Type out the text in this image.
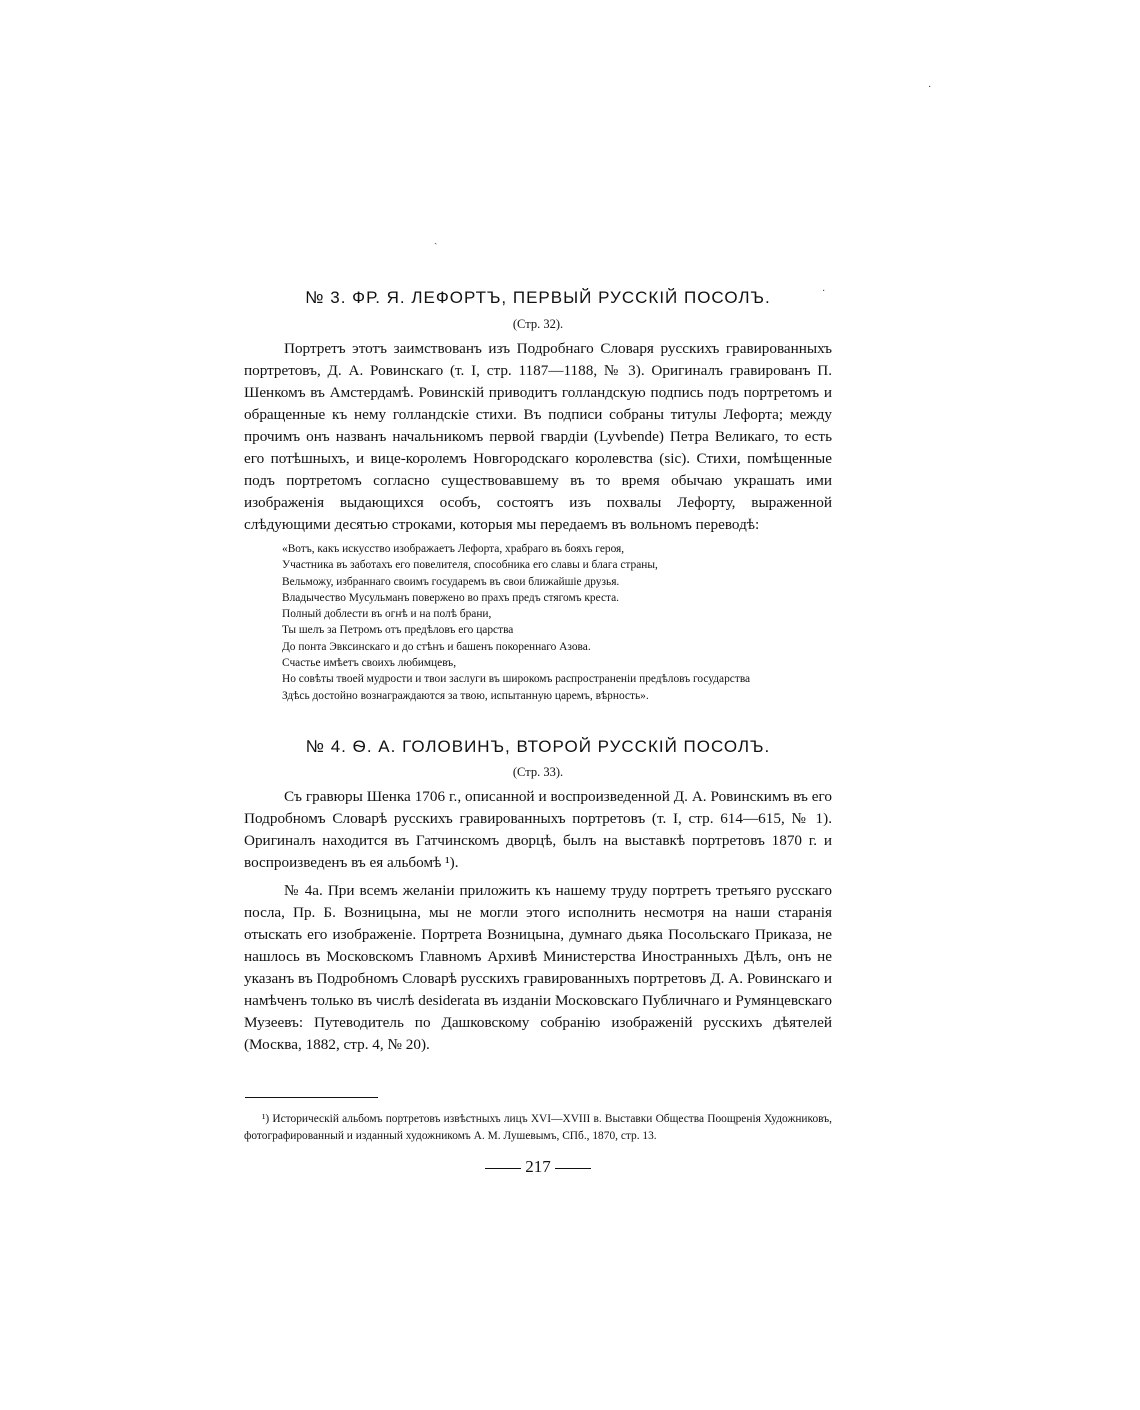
№ 3. ФР. Я. ЛЕФОРТЪ, ПЕРВЫЙ РУССКІЙ ПОСОЛЪ.
(Стр. 32).

Портретъ этотъ заимствованъ изъ Подробнаго Словаря русскихъ гравированныхъ портретовъ, Д. А. Ровинскаго (т. I, стр. 1187—1188, № 3). Оригиналъ гравированъ П. Шенкомъ въ Амстердамѣ. Ровинскій приводитъ голландскую подпись подъ портретомъ и обращенные къ нему голландскіе стихи. Въ подписи собраны титулы Лефорта; между прочимъ онъ названъ начальникомъ первой гвардіи (Lyvbende) Петра Великаго, то есть его потѣшныхъ, и вице-королемъ Новгородскаго королевства (sic). Стихи, помѣщенные подъ портретомъ согласно существовавшему въ то время обычаю украшать ими изображенія выдающихся особъ, состоятъ изъ похвалы Лефорту, выраженной слѣдующими десятью строками, которыя мы передаемъ въ вольномъ переводѣ:

«Вотъ, какъ искусство изображаетъ Лефорта, храбраго въ бояхъ героя,
Участника въ заботахъ его повелителя, способника его славы и блага страны,
Вельможу, избраннаго своимъ государемъ въ свои ближайшіе друзья.
Владычество Мусульманъ повержено во прахъ предъ стягомъ креста.
Полный доблести въ огнѣ и на полѣ брани,
Ты шелъ за Петромъ отъ предѣловъ его царства
До понта Эвксинскаго и до стѣнъ и башенъ покореннаго Азова.
Счастье имѣетъ своихъ любимцевъ,
Но совѣты твоей мудрости и твои заслуги въ широкомъ распространеніи предѣловъ государства
Здѣсь достойно вознаграждаются за твою, испытанную царемъ, вѣрность».
№ 4. Ѳ. А. ГОЛОВИНЪ, ВТОРОЙ РУССКІЙ ПОСОЛЪ.
(Стр. 33).

Съ гравюры Шенка 1706 г., описанной и воспроизведенной Д. А. Ровинскимъ въ его Подробномъ Словарѣ русскихъ гравированныхъ портретовъ (т. I, стр. 614—615, № 1). Оригиналъ находится въ Гатчинскомъ дворцѣ, былъ на выставкѣ портретовъ 1870 г. и воспроизведенъ въ ея альбомѣ ¹).

№ 4а. При всемъ желаніи приложить къ нашему труду портретъ третьяго русскаго посла, Пр. Б. Возницына, мы не могли этого исполнить несмотря на наши старанія отыскать его изображеніе. Портрета Возницына, думнаго дьяка Посольскаго Приказа, не нашлось въ Московскомъ Главномъ Архивѣ Министерства Иностранныхъ Дѣлъ, онъ не указанъ въ Подробномъ Словарѣ русскихъ гравированныхъ портретовъ Д. А. Ровинскаго и намѣченъ только въ числѣ desiderata въ изданіи Московскаго Публичнаго и Румянцевскаго Музеевъ: Путеводитель по Дашковскому собранію изображеній русскихъ дѣятелей (Москва, 1882, стр. 4, № 20).

¹) Историческій альбомъ портретовъ извѣстныхъ лицъ XVI—XVIII в. Выставки Общества Поощренія Художниковъ, фотографированный и изданный художникомъ А. М. Лушевымъ, СПб., 1870, стр. 13.

217
ˎ
·
·
